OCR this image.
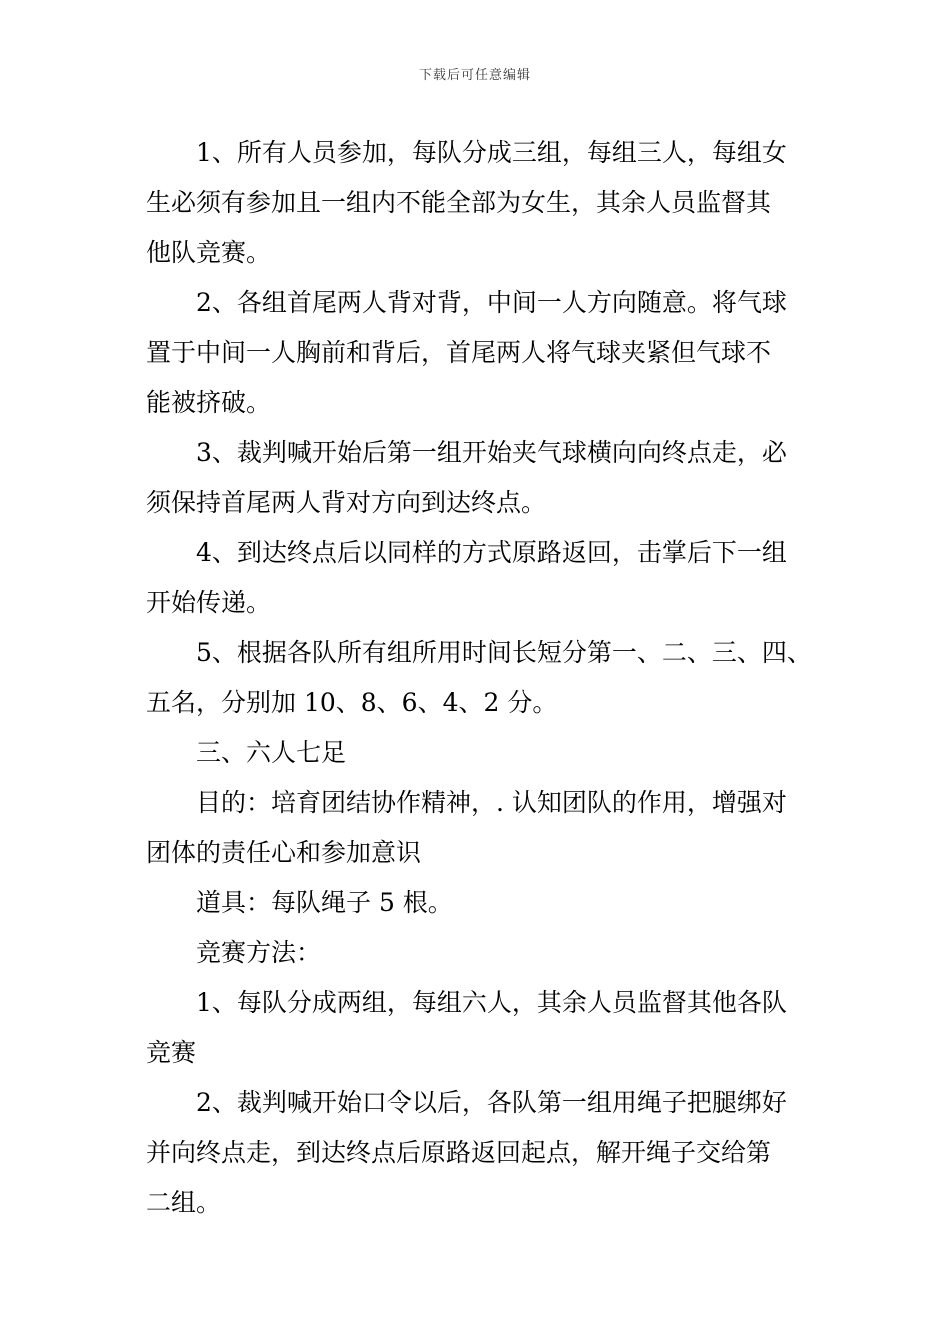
下载后可任意编辑
1、所有人员参加，每队分成三组，每组三人，每组女
生必须有参加且一组内不能全部为女生，其余人员监督其
他队竞赛。
2、各组首尾两人背对背，中间一人方向随意。将气球
置于中间一人胸前和背后，首尾两人将气球夹紧但气球不
能被挤破。
3、裁判喊开始后第一组开始夹气球横向向终点走，必
须保持首尾两人背对方向到达终点。
4、到达终点后以同样的方式原路返回，击掌后下一组
开始传递。
5、根据各队所有组所用时间长短分第一、二、三、四、
五名，分别加 10、8、6、4、2 分。
三、六人七足
目的：培育团结协作精神，. 认知团队的作用，增强对
团体的责任心和参加意识
道具：每队绳子 5 根。
竞赛方法：
1、每队分成两组，每组六人，其余人员监督其他各队
竞赛
2、裁判喊开始口令以后，各队第一组用绳子把腿绑好
并向终点走，到达终点后原路返回起点，解开绳子交给第
二组。
